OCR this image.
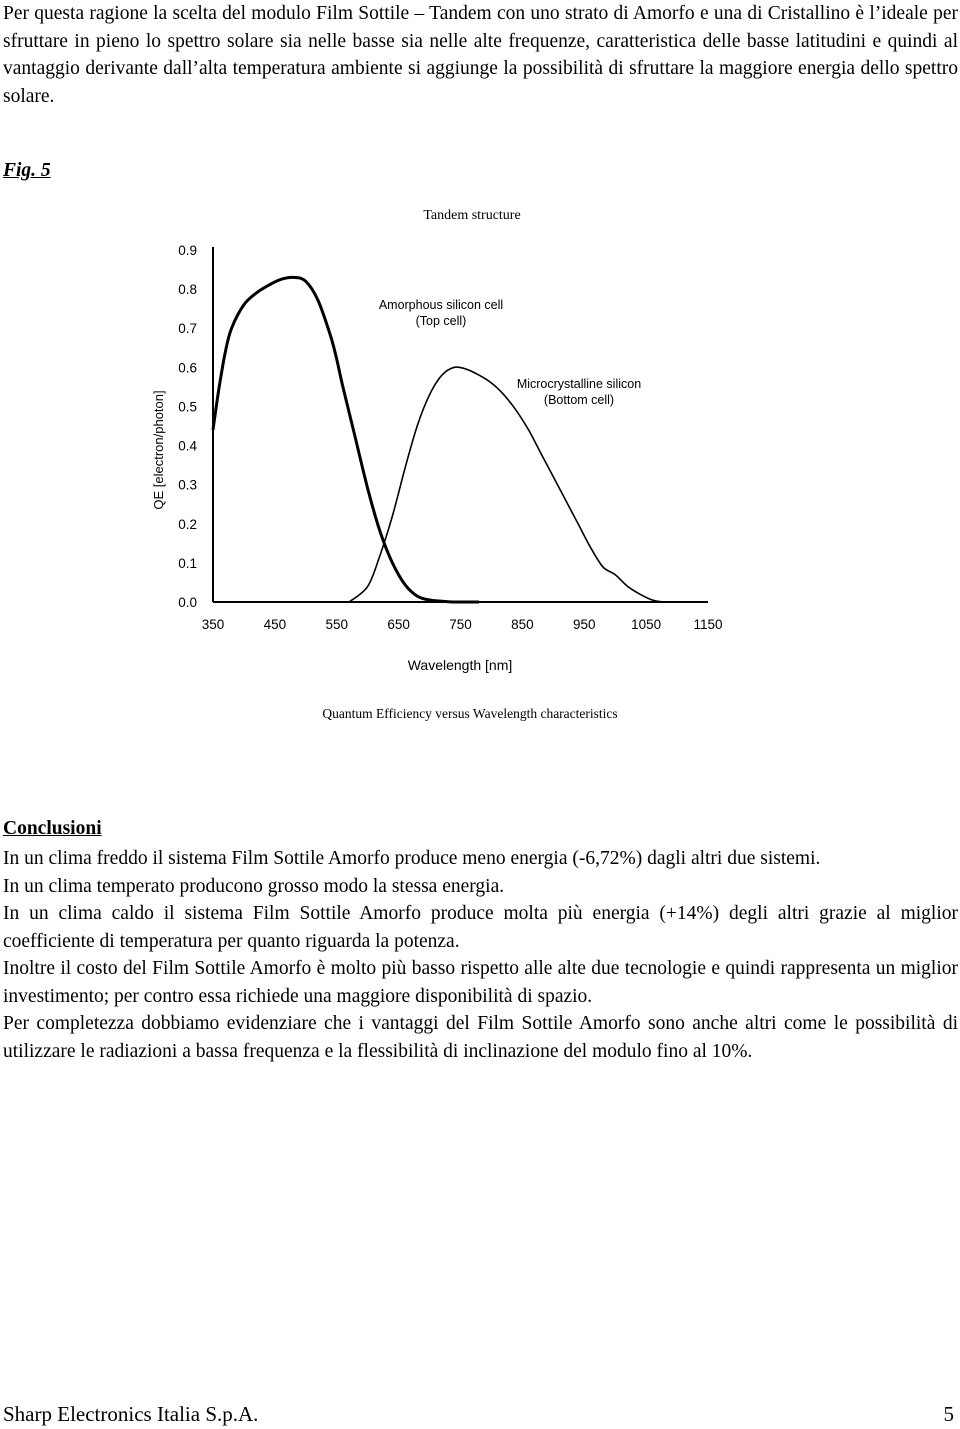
Per questa ragione la scelta del modulo Film Sottile – Tandem con uno strato di Amorfo e una di Cristallino è l’ideale per sfruttare in pieno lo spettro solare sia nelle basse sia nelle alte frequenze, caratteristica delle basse latitudini e quindi al vantaggio derivante dall’alta temperatura ambiente si aggiunge la possibilità di sfruttare la maggiore energia dello spettro solare.
Fig. 5
Tandem structure
0.9
0.8
0.7
0.6
0.5
0.4
0.3
0.2
0.1
0.0
350	450	550	650	750	850	950	1050 1150
QE [electron/photon]
Wavelength [nm]
Amorphous silicon cell
(Top cell)
Microcrystalline silicon
(Bottom cell)
Quantum Efficiency versus Wavelength characteristics
Conclusioni

In un clima freddo il sistema Film Sottile Amorfo produce meno energia (-6,72%) dagli altri due sistemi.

In un clima temperato producono grosso modo la stessa energia.

In un clima caldo il sistema Film Sottile Amorfo produce molta più energia (+14%) degli altri grazie al miglior coefficiente di temperatura per quanto riguarda la potenza.

Inoltre il costo del Film Sottile Amorfo è molto più basso rispetto alle alte due tecnologie e quindi rappresenta un miglior investimento; per contro essa richiede una maggiore disponibilità di spazio.

Per completezza dobbiamo evidenziare che i vantaggi del Film Sottile Amorfo sono anche altri come le possibilità di utilizzare le radiazioni a bassa frequenza e la flessibilità di inclinazione del modulo fino al 10%.

Sharp Electronics Italia S.p.A.	5
